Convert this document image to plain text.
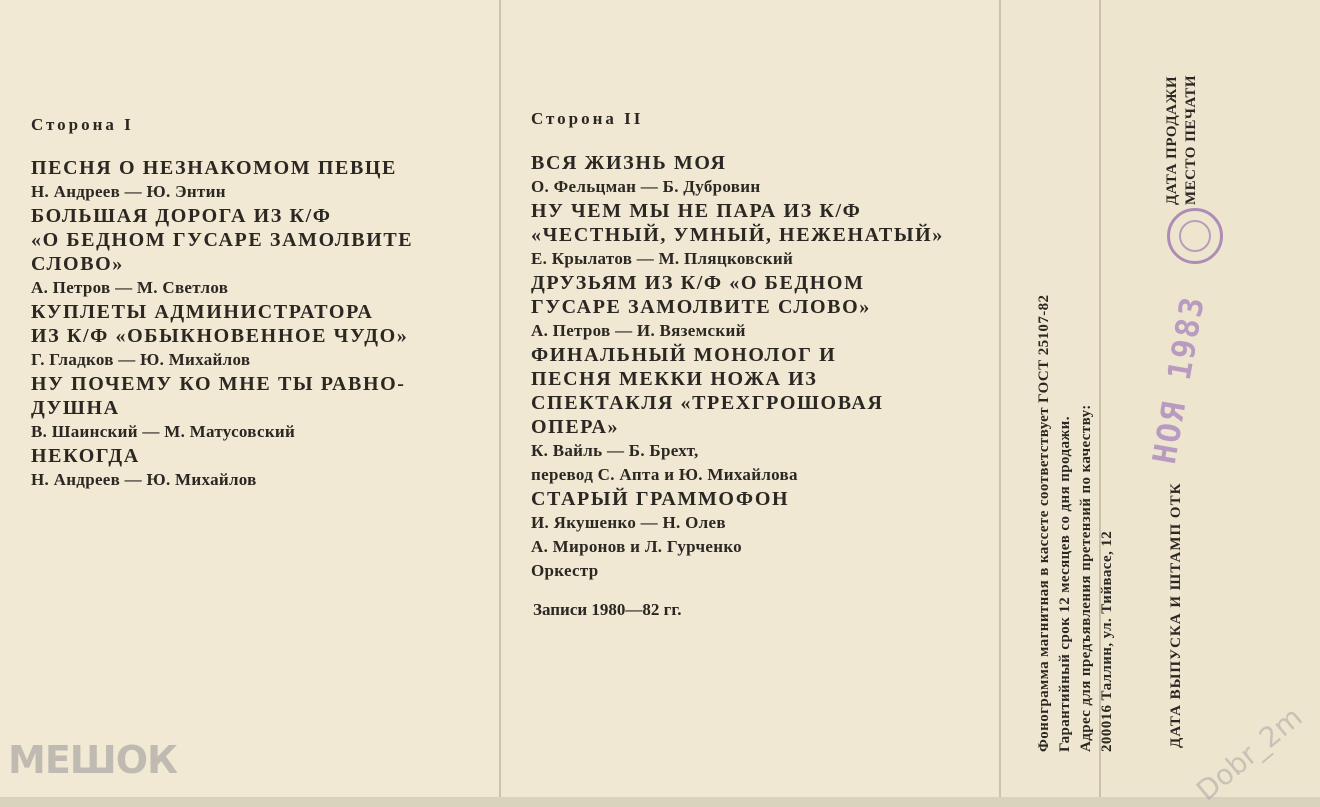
Сторона I

ПЕСНЯ О НЕЗНАКОМОМ ПЕВЦЕ
Н. Андреев — Ю. Энтин
БОЛЬШАЯ ДОРОГА ИЗ К/Ф
«О БЕДНОМ ГУСАРЕ ЗАМОЛВИТЕ
СЛОВО»
А. Петров — М. Светлов
КУПЛЕТЫ АДМИНИСТРАТОРА
ИЗ К/Ф «ОБЫКНОВЕННОЕ ЧУДО»
Г. Гладков — Ю. Михайлов
НУ ПОЧЕМУ КО МНЕ ТЫ РАВНО-
ДУШНА
В. Шаинский — М. Матусовский
НЕКОГДА
Н. Андреев — Ю. Михайлов

Сторона II

ВСЯ ЖИЗНЬ МОЯ
О. Фельцман — Б. Дубровин
НУ ЧЕМ МЫ НЕ ПАРА ИЗ К/Ф
«ЧЕСТНЫЙ, УМНЫЙ, НЕЖЕНАТЫЙ»
Е. Крылатов — М. Пляцковский
ДРУЗЬЯМ ИЗ К/Ф «О БЕДНОМ
ГУСАРЕ ЗАМОЛВИТЕ СЛОВО»
А. Петров — И. Вяземский
ФИНАЛЬНЫЙ МОНОЛОГ И
ПЕСНЯ МЕККИ НОЖА ИЗ
СПЕКТАКЛЯ «ТРЕХГРОШОВАЯ
ОПЕРА»
К. Вайль — Б. Брехт,
перевод С. Апта и Ю. Михайлова
СТАРЫЙ ГРАММОФОН
И. Якушенко — Н. Олев
А. Миронов и Л. Гурченко
Оркестр

Записи 1980—82 гг.	Фонограмма магнитная в кассете соответствует ГОСТ 25107-82 Гарантийный срок 12 месяцев со дня продажи. Адрес для предъявления претензий по качеству: 200016 Таллин, ул. Тийвасе, 12
ДАТА ПРОДАЖИ МЕСТО ПЕЧАТИ
НОЯ 1983
ДАТА ВЫПУСКА И ШТАМП ОТК
МЕШОК	Dobr_2m
